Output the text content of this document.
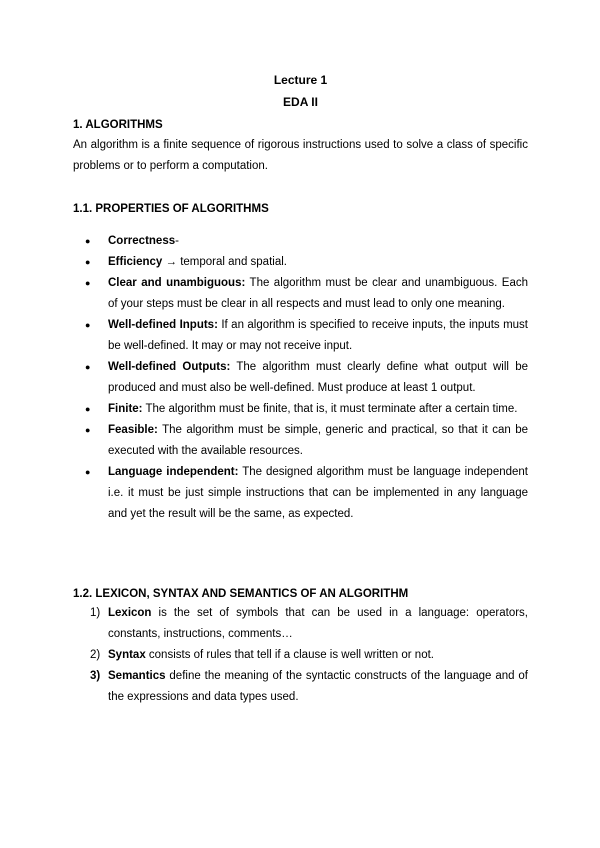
Lecture 1

EDA II

1. ALGORITHMS

An algorithm is a finite sequence of rigorous instructions used to solve a class of specific problems or to perform a computation.

1.1. PROPERTIES OF ALGORITHMS

● Correctness-
● Efficiency → temporal and spatial.
● Clear and unambiguous: The algorithm must be clear and unambiguous. Each of your steps must be clear in all respects and must lead to only one meaning.
● Well-defined Inputs: If an algorithm is specified to receive inputs, the inputs must be well-defined. It may or may not receive input.
● Well-defined Outputs: The algorithm must clearly define what output will be produced and must also be well-defined. Must produce at least 1 output.
● Finite: The algorithm must be finite, that is, it must terminate after a certain time.
● Feasible: The algorithm must be simple, generic and practical, so that it can be executed with the available resources.
● Language independent: The designed algorithm must be language independent i.e. it must be just simple instructions that can be implemented in any language and yet the result will be the same, as expected.

1.2. LEXICON, SYNTAX AND SEMANTICS OF AN ALGORITHM

1) Lexicon is the set of symbols that can be used in a language: operators, constants, instructions, comments…
2) Syntax consists of rules that tell if a clause is well written or not.
3) Semantics define the meaning of the syntactic constructs of the language and of the expressions and data types used.
